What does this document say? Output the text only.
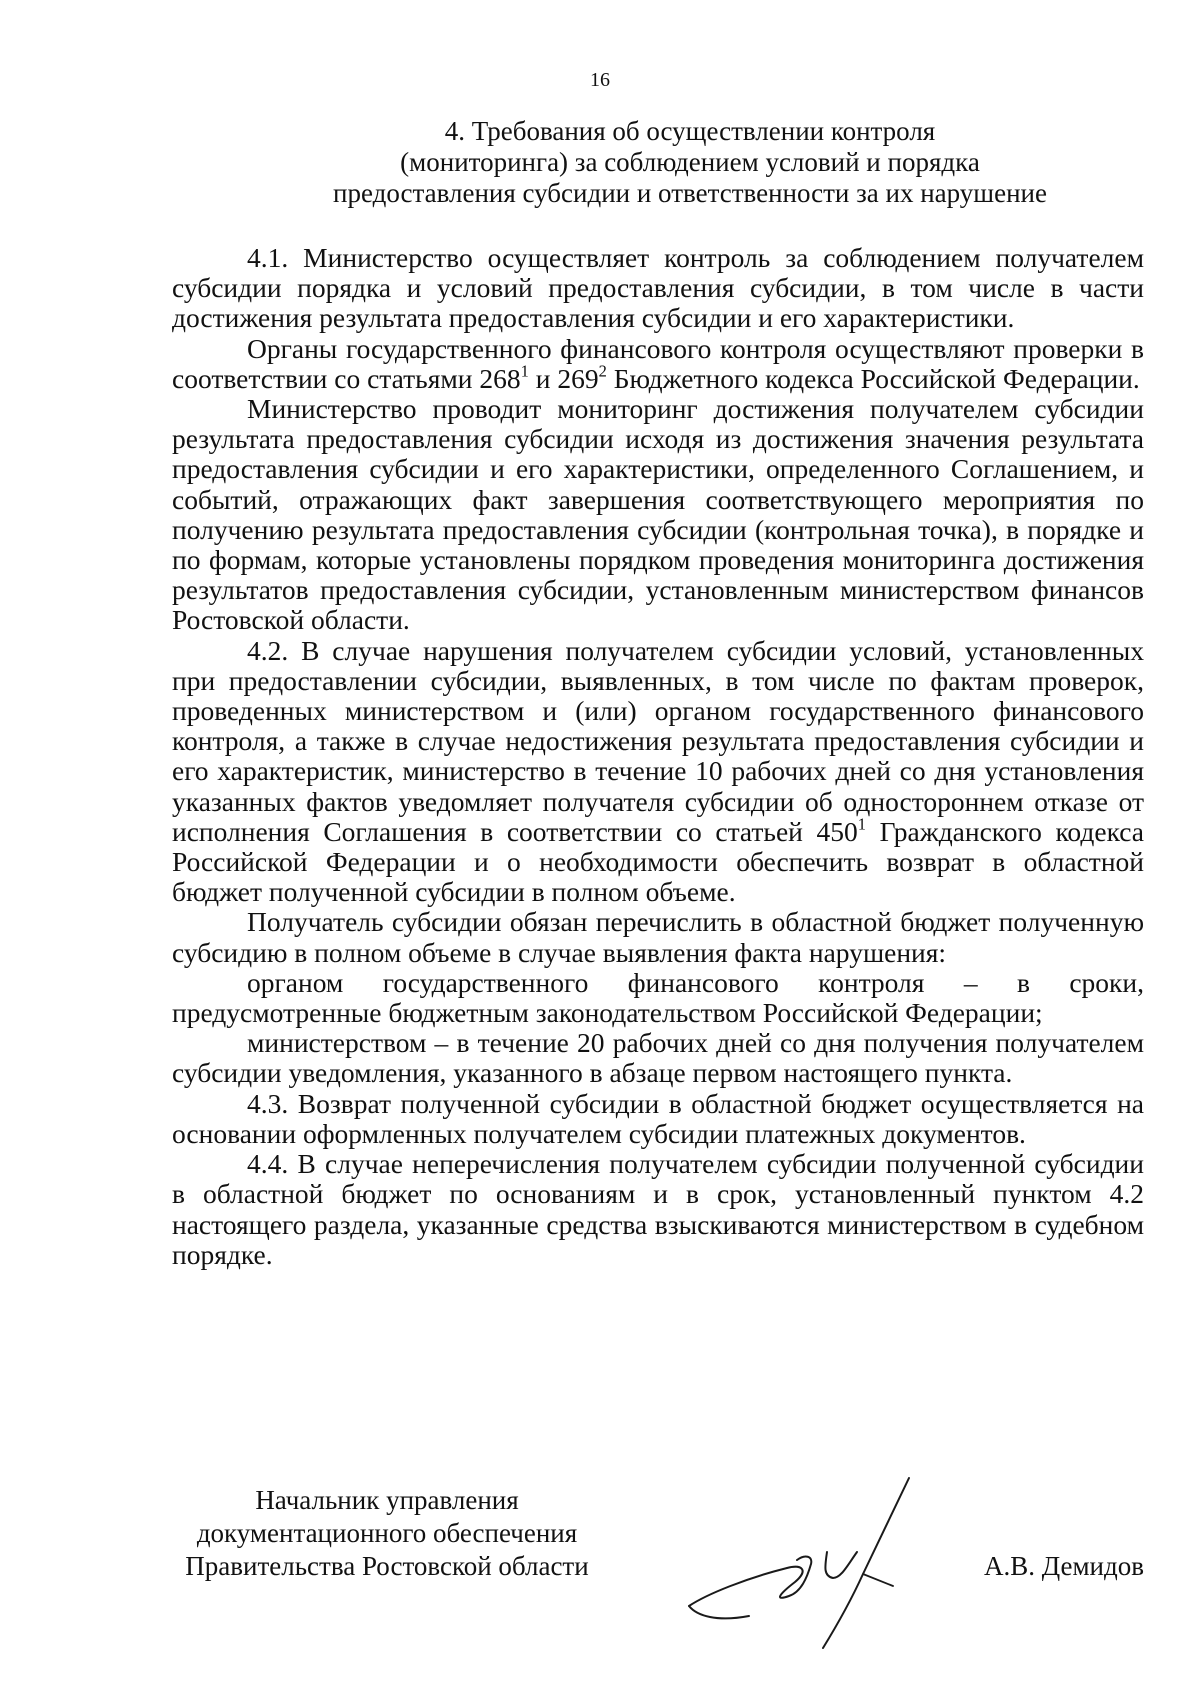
16
4. Требования об осуществлении контроля
(мониторинга) за соблюдением условий и порядка
предоставления субсидии и ответственности за их нарушение

4.1. Министерство осуществляет контроль за соблюдением получателем субсидии порядка и условий предоставления субсидии, в том числе в части достижения результата предоставления субсидии и его характеристики.

Органы государственного финансового контроля осуществляют проверки в соответствии со статьями $268^1$ и $269^2$ Бюджетного кодекса Российской Федерации.

Министерство проводит мониторинг достижения получателем субсидии результата предоставления субсидии исходя из достижения значения результата предоставления субсидии и его характеристики, определенного Соглашением, и событий, отражающих факт завершения соответствующего мероприятия по получению результата предоставления субсидии (контрольная точка), в порядке и по формам, которые установлены порядком проведения мониторинга достижения результатов предоставления субсидии, установленным министерством финансов Ростовской области.

4.2. В случае нарушения получателем субсидии условий, установленных при предоставлении субсидии, выявленных, в том числе по фактам проверок, проведенных министерством и (или) органом государственного финансового контроля, а также в случае недостижения результата предоставления субсидии и его характеристик, министерство в течение 10 рабочих дней со дня установления указанных фактов уведомляет получателя субсидии об одностороннем отказе от исполнения Соглашения в соответствии со статьей $450^1$ Гражданского кодекса Российской Федерации и о необходимости обеспечить возврат в областной бюджет полученной субсидии в полном объеме.

Получатель субсидии обязан перечислить в областной бюджет полученную субсидию в полном объеме в случае выявления факта нарушения:

органом государственного финансового контроля – в сроки, предусмотренные бюджетным законодательством Российской Федерации;

министерством – в течение 20 рабочих дней со дня получения получателем субсидии уведомления, указанного в абзаце первом настоящего пункта.

4.3. Возврат полученной субсидии в областной бюджет осуществляется на основании оформленных получателем субсидии платежных документов.

4.4. В случае неперечисления получателем субсидии полученной субсидии в областной бюджет по основаниям и в срок, установленный пунктом 4.2 настоящего раздела, указанные средства взыскиваются министерством в судебном порядке.

Начальник управления
документационного обеспечения
Правительства Ростовской области	А.В. Демидов
